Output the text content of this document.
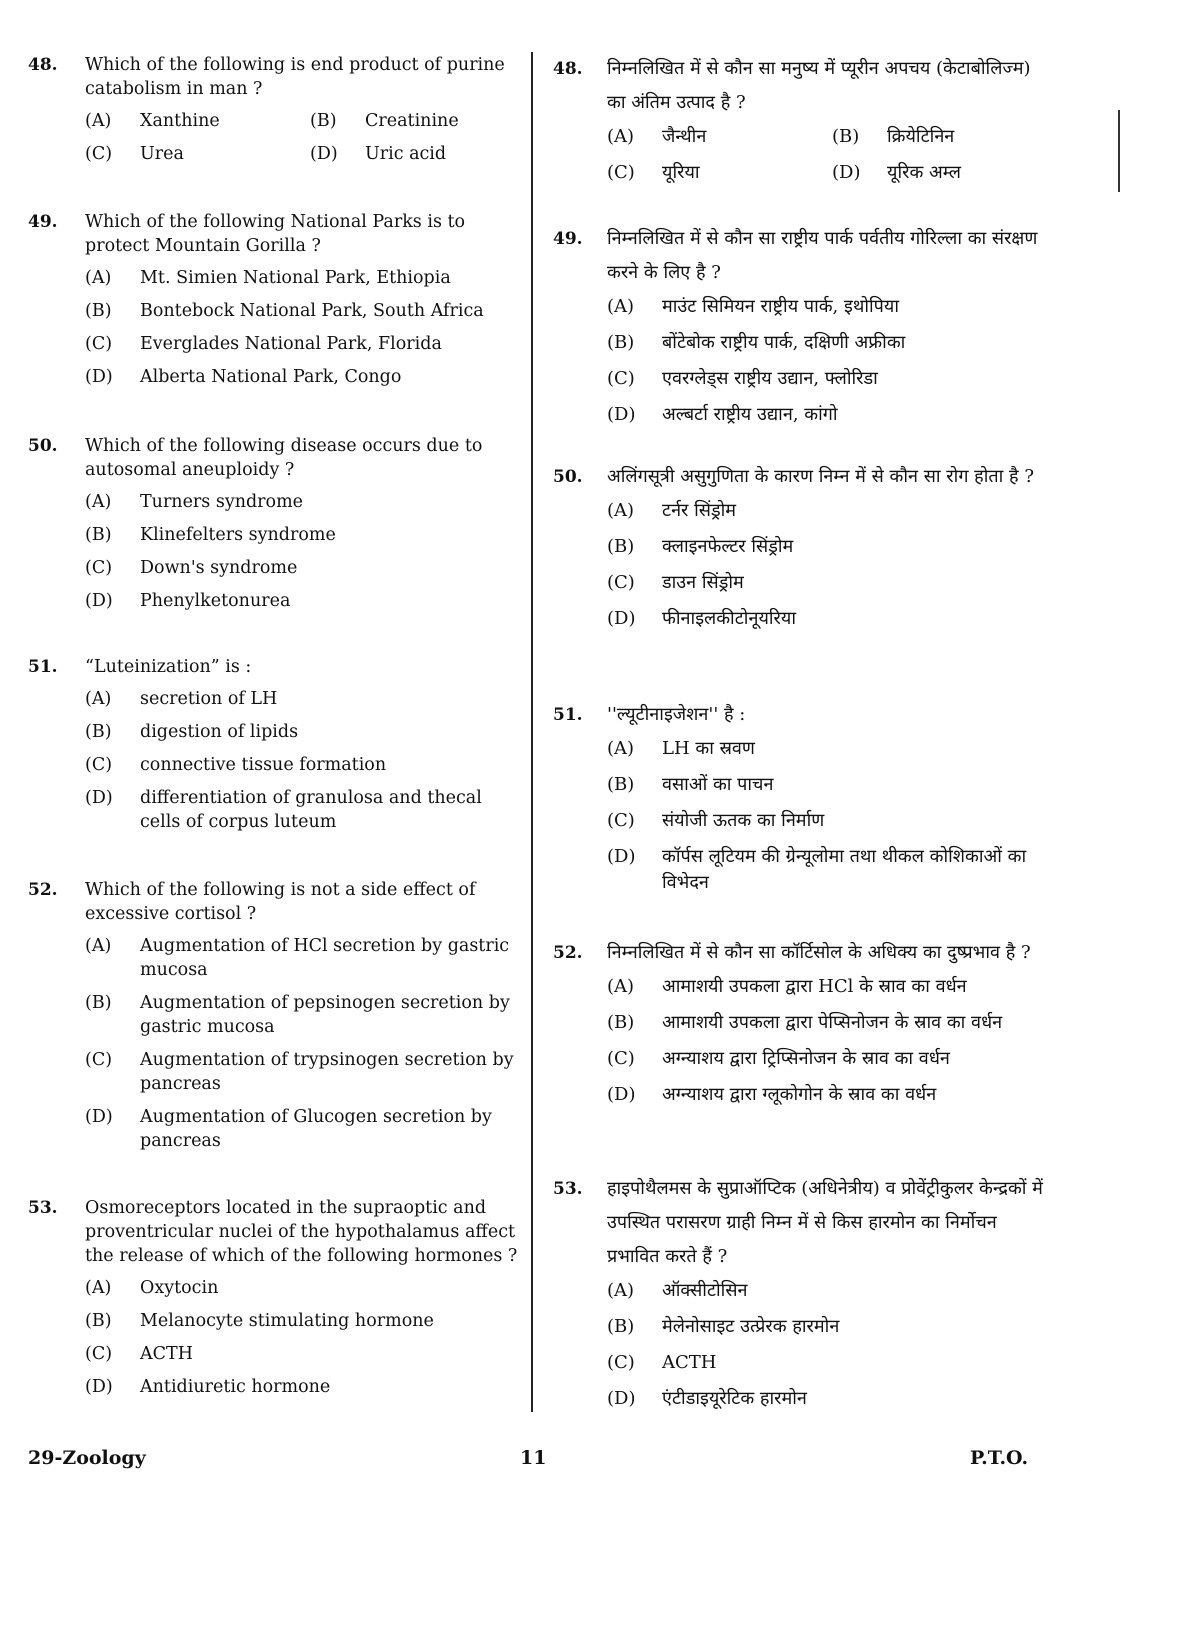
48. Which of the following is end product of purine catabolism in man ?
(A) Xanthine	(B) Creatinine
(C) Urea	(D) Uric acid
49. Which of the following National Parks is to protect Mountain Gorilla ?
(A) Mt. Simien National Park, Ethiopia
(B) Bontebock National Park, South Africa
(C) Everglades National Park, Florida
(D) Alberta National Park, Congo
50. Which of the following disease occurs due to autosomal aneuploidy ?
(A) Turners syndrome
(B) Klinefelters syndrome
(C) Down's syndrome
(D) Phenylketonurea
51. “Luteinization” is :
(A) secretion of LH
(B) digestion of lipids
(C) connective tissue formation
(D) differentiation of granulosa and thecal cells of corpus luteum
52. Which of the following is not a side effect of excessive cortisol ?
(A) Augmentation of HCl secretion by gastric mucosa
(B) Augmentation of pepsinogen secretion by gastric mucosa
(C) Augmentation of trypsinogen secretion by pancreas
(D) Augmentation of Glucogen secretion by pancreas
53. Osmoreceptors located in the supraoptic and proventricular nuclei of the hypothalamus affect the release of which of the following hormones ?
(A) Oxytocin
(B) Melanocyte stimulating hormone
(C) ACTH
(D) Antidiuretic hormone
48. निम्नलिखित में से कौन सा मनुष्य में प्यूरीन अपचय (केटाबोलिज्म) का अंतिम उत्पाद है ?
(A) जैन्थीन	(B) क्रियेटिनिन
(C) यूरिया	(D) यूरिक अम्ल
49. निम्नलिखित में से कौन सा राष्ट्रीय पार्क पर्वतीय गोरिल्ला का संरक्षण करने के लिए है ?
(A) माउंट सिमियन राष्ट्रीय पार्क, इथोपिया
(B) बोंटेबोक राष्ट्रीय पार्क, दक्षिणी अफ्रीका
(C) एवरग्लेड्स राष्ट्रीय उद्यान, फ्लोरिडा
(D) अल्बर्टा राष्ट्रीय उद्यान, कांगो
50. अलिंगसूत्री असुगुणिता के कारण निम्न में से कौन सा रोग होता है ?
(A) टर्नर सिंड्रोम
(B) क्लाइनफेल्टर सिंड्रोम
(C) डाउन सिंड्रोम
(D) फीनाइलकीटोनूयरिया
51. ''ल्यूटीनाइजेशन'' है :
(A) LH का स्रवण
(B) वसाओं का पाचन
(C) संयोजी ऊतक का निर्माण
(D) कॉर्पस लूटियम की ग्रेन्यूलोमा तथा थीकल कोशिकाओं का विभेदन
52. निम्नलिखित में से कौन सा कॉर्टिसोल के अधिक्य का दुष्प्रभाव है ?
(A) आमाशयी उपकला द्वारा HCl के स्राव का वर्धन
(B) आमाशयी उपकला द्वारा पेप्सिनोजन के स्राव का वर्धन
(C) अग्न्याशय द्वारा ट्रिप्सिनोजन के स्राव का वर्धन
(D) अग्न्याशय द्वारा ग्लूकोगोन के स्राव का वर्धन
53. हाइपोथैलमस के सुप्राऑप्टिक (अधिनेत्रीय) व प्रोवेंट्रीकुलर केन्द्रकों में उपस्थित परासरण ग्राही निम्न में से किस हारमोन का निर्मोचन प्रभावित करते हैं ?
(A) ऑक्सीटोसिन
(B) मेलेनोसाइट उत्प्रेरक हारमोन
(C) ACTH
(D) एंटीडाइयूरेटिक हारमोन
29-Zoology	11	P.T.O.
